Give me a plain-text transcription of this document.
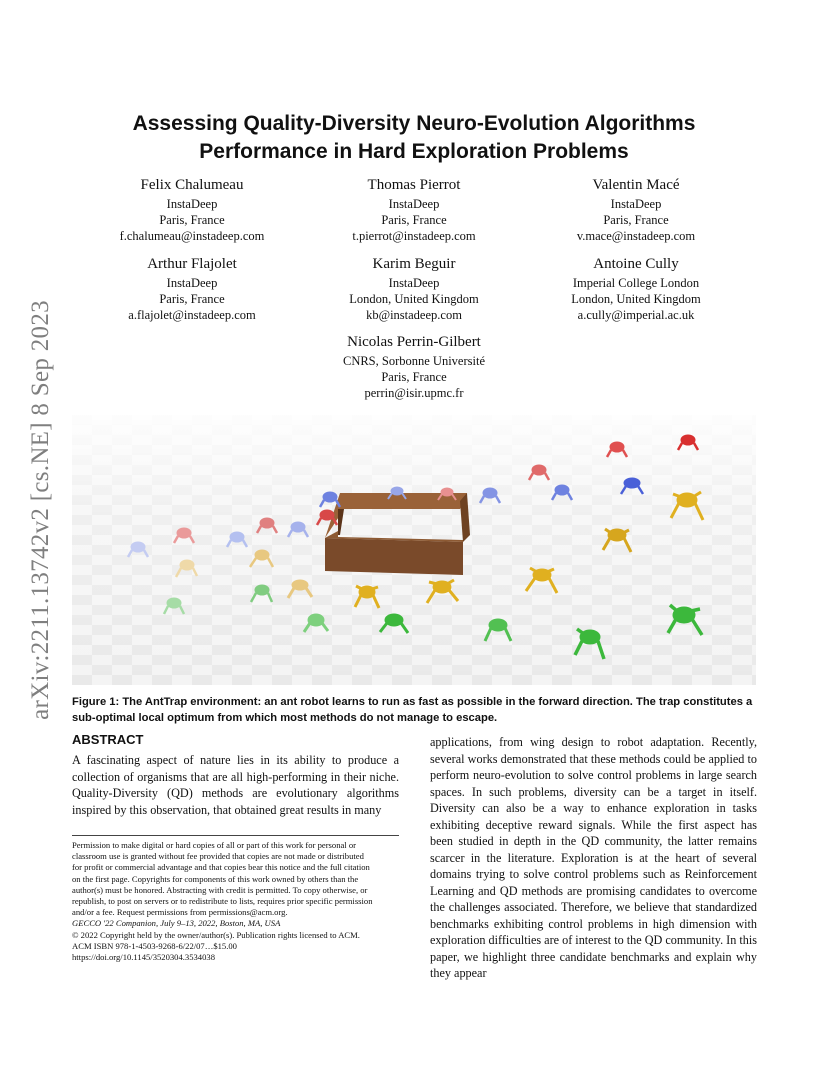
arXiv:2211.13742v2 [cs.NE] 8 Sep 2023
Assessing Quality-Diversity Neuro-Evolution Algorithms
Performance in Hard Exploration Problems
Felix Chalumeau
InstaDeep
Paris, France
f.chalumeau@instadeep.com
Thomas Pierrot
InstaDeep
Paris, France
t.pierrot@instadeep.com
Valentin Macé
InstaDeep
Paris, France
v.mace@instadeep.com
Arthur Flajolet
InstaDeep
Paris, France
a.flajolet@instadeep.com
Karim Beguir
InstaDeep
London, United Kingdom
kb@instadeep.com
Antoine Cully
Imperial College London
London, United Kingdom
a.cully@imperial.ac.uk
Nicolas Perrin-Gilbert
CNRS, Sorbonne Université
Paris, France
perrin@isir.upmc.fr
Figure 1: The AntTrap environment: an ant robot learns to run as fast as possible in the forward direction. The trap constitutes a sub-optimal local optimum from which most methods do not manage to escape.
ABSTRACT
A fascinating aspect of nature lies in its ability to produce a collection of organisms that are all high-performing in their niche. Quality-Diversity (QD) methods are evolutionary algorithms inspired by this observation, that obtained great results in many
applications, from wing design to robot adaptation. Recently, several works demonstrated that these methods could be applied to perform neuro-evolution to solve control problems in large search spaces. In such problems, diversity can be a target in itself. Diversity can also be a way to enhance exploration in tasks exhibiting deceptive reward signals. While the first aspect has been studied in depth in the QD community, the latter remains scarcer in the literature. Exploration is at the heart of several domains trying to solve control problems such as Reinforcement Learning and QD methods are promising candidates to overcome the challenges associated. Therefore, we believe that standardized benchmarks exhibiting control problems in high dimension with exploration difficulties are of interest to the QD community. In this paper, we highlight three candidate benchmarks and explain why they appear
Permission to make digital or hard copies of all or part of this work for personal or
classroom use is granted without fee provided that copies are not made or distributed
for profit or commercial advantage and that copies bear this notice and the full citation
on the first page. Copyrights for components of this work owned by others than the
author(s) must be honored. Abstracting with credit is permitted. To copy otherwise, or
republish, to post on servers or to redistribute to lists, requires prior specific permission
and/or a fee. Request permissions from permissions@acm.org.
GECCO '22 Companion, July 9–13, 2022, Boston, MA, USA
© 2022 Copyright held by the owner/author(s). Publication rights licensed to ACM.
ACM ISBN 978-1-4503-9268-6/22/07…$15.00
https://doi.org/10.1145/3520304.3534038
